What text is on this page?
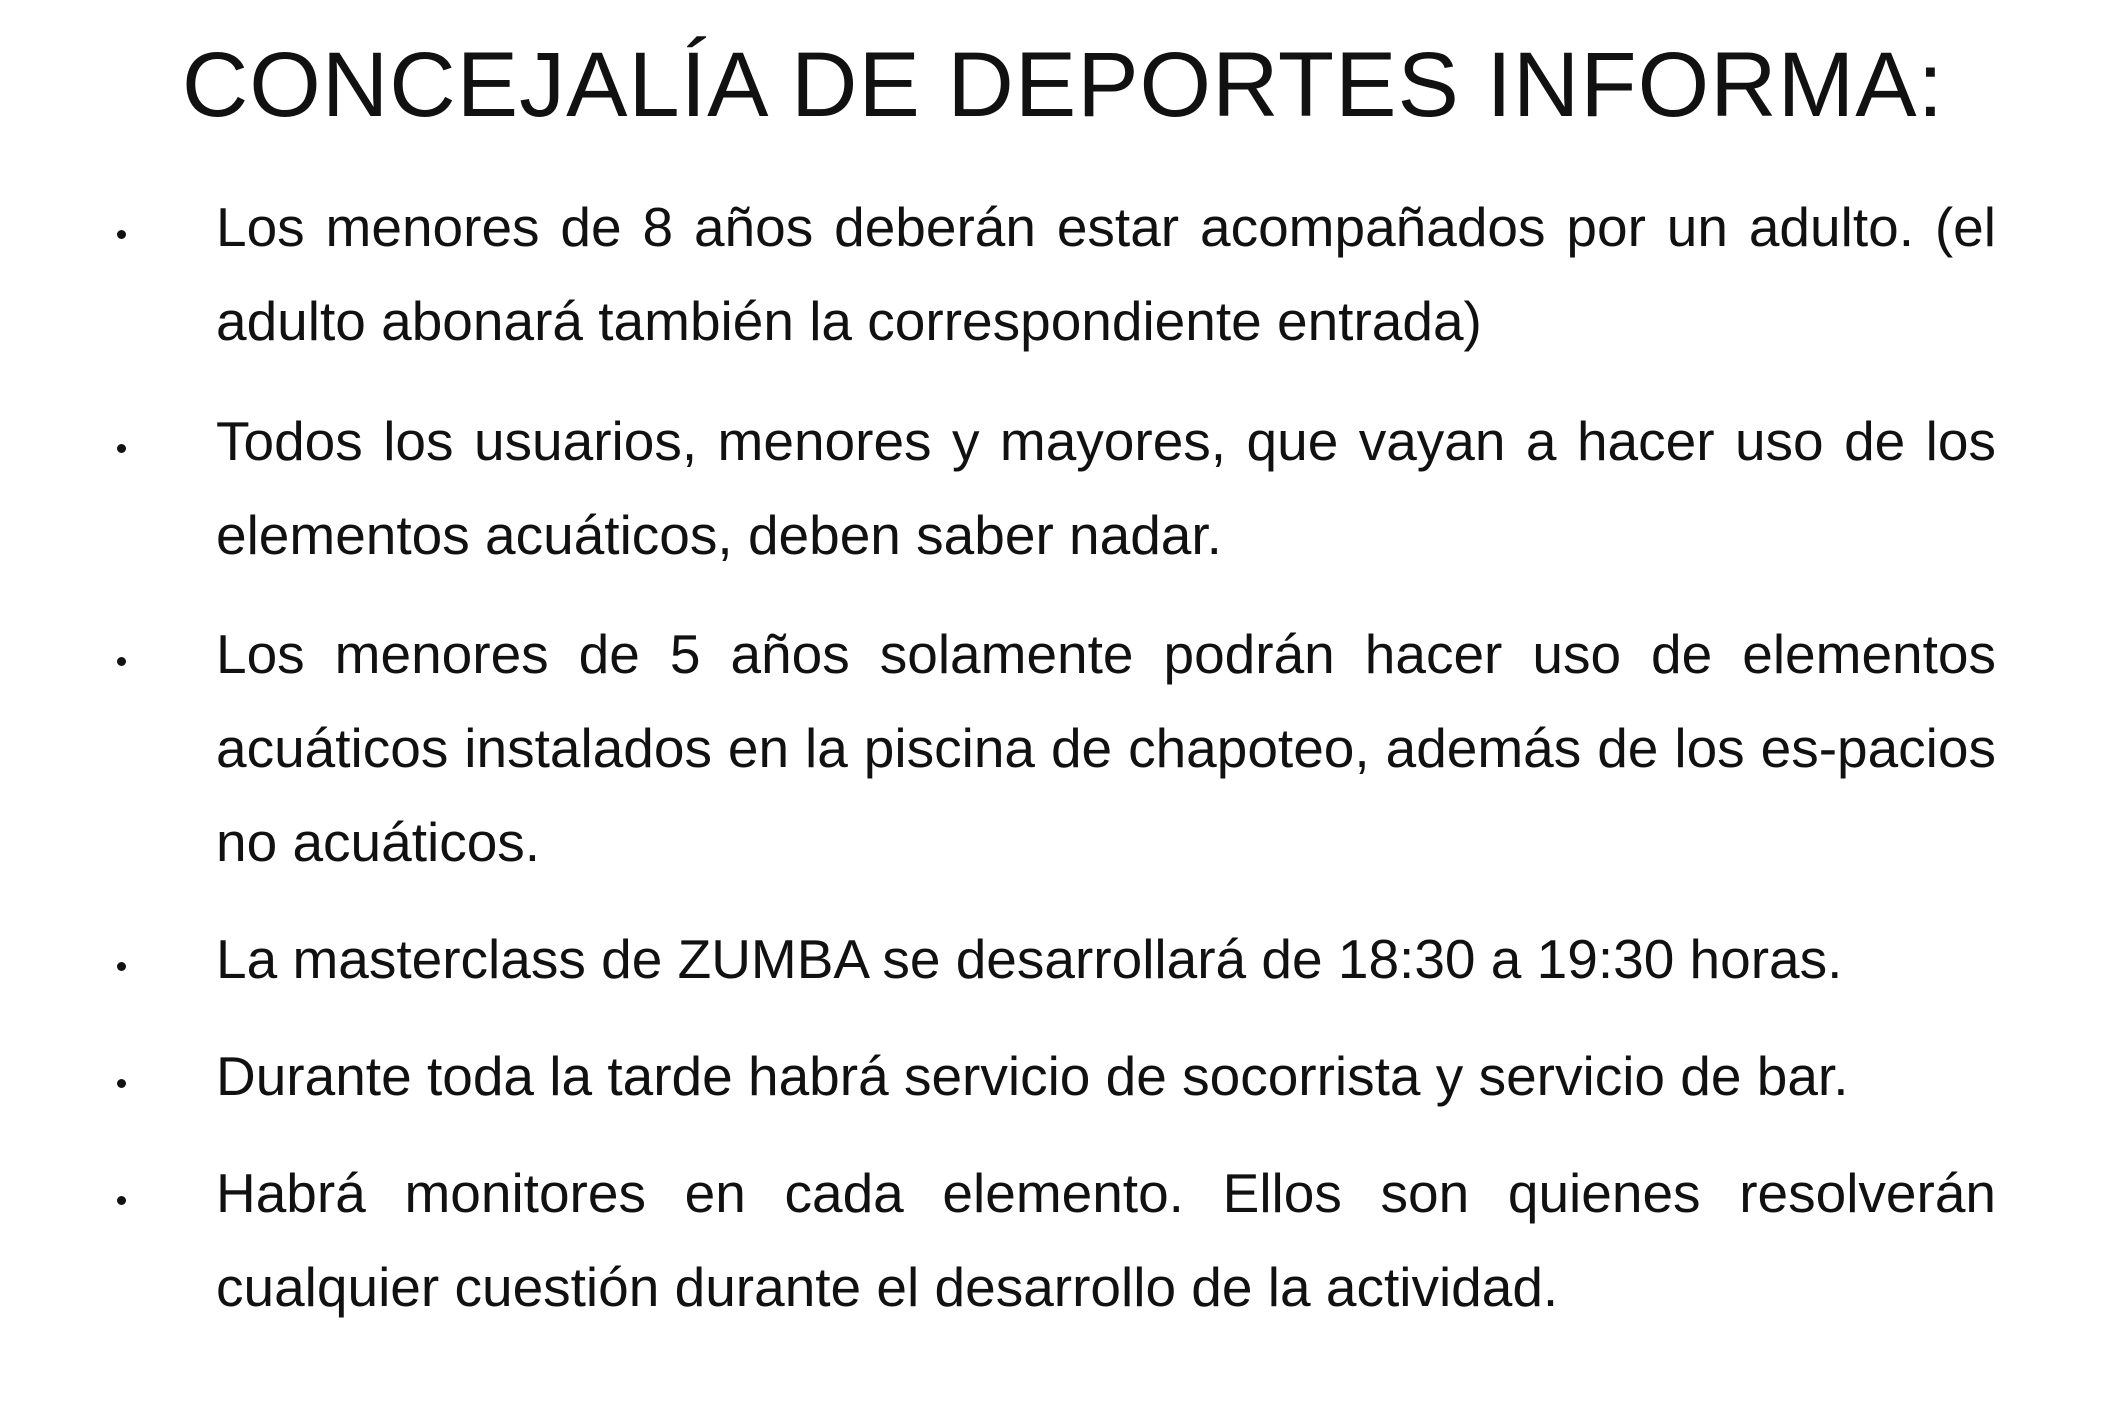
CONCEJALÍA DE DEPORTES INFORMA:

Los menores de 8 años deberán estar acompañados por un adulto. (el adulto abonará también la correspondiente entrada)

Todos los usuarios, menores y mayores, que vayan a hacer uso de los elementos acuáticos, deben saber nadar.

Los menores de 5 años solamente podrán hacer uso de elementos acuáticos instalados en la piscina de chapoteo, además de los es-pacios no acuáticos.

La masterclass de ZUMBA se desarrollará de 18:30 a 19:30 horas.

Durante toda la tarde habrá servicio de socorrista y servicio de bar.

Habrá monitores en cada elemento. Ellos son quienes resolverán cualquier cuestión durante el desarrollo de la actividad.
